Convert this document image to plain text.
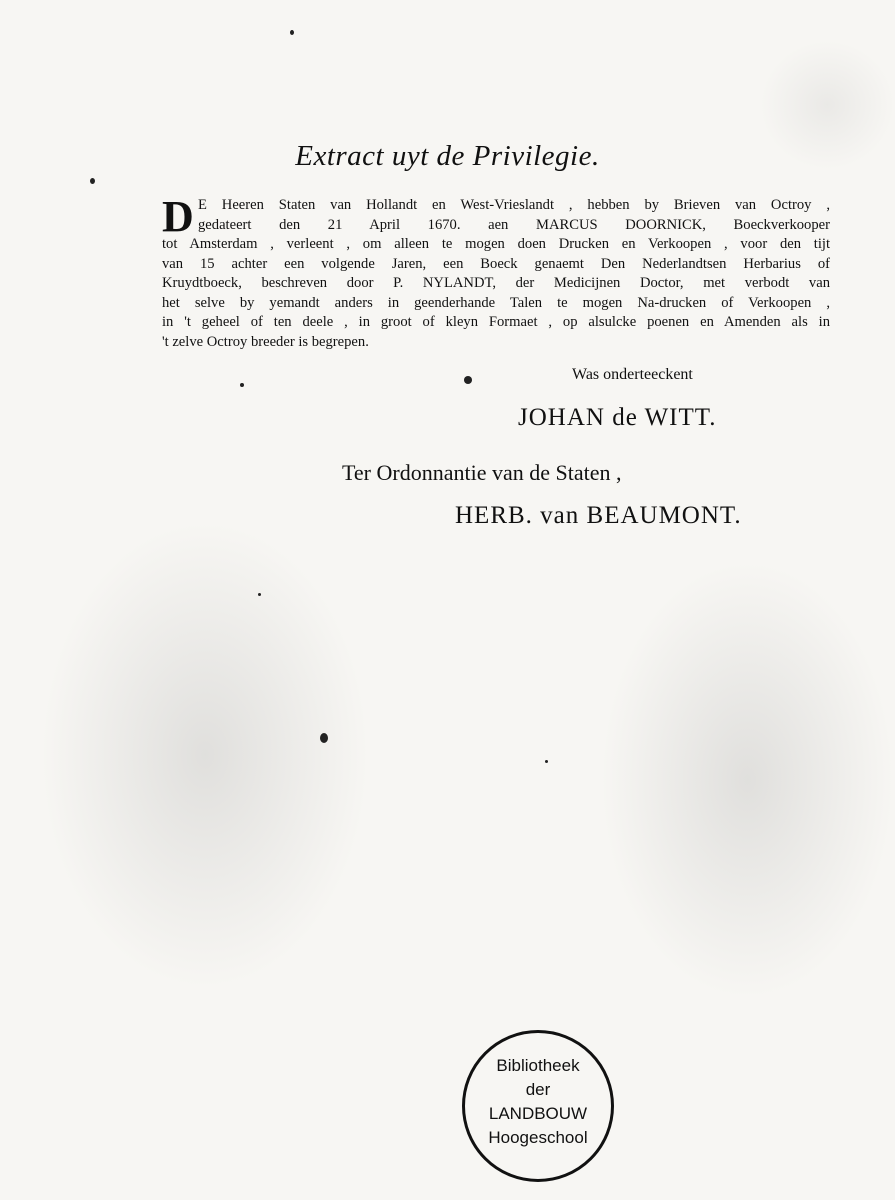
Extract uyt de Privilegie.
D E Heeren Staten van Hollandt en West-Vrieslandt , hebben by Brieven van Octroy ,
gedateert den 21 April 1670. aen MARCUS DOORNICK, Boeckverkooper
tot Amsterdam , verleent , om alleen te mogen doen Drucken en Verkoopen , voor den tijt
van 15 achter een volgende Jaren, een Boeck genaemt Den Nederlandtsen Herbarius of
Kruydtboeck, beschreven door P. NYLANDT, der Medicijnen Doctor, met verbodt van
het selve by yemandt anders in geenderhande Talen te mogen Na-drucken of Verkoopen ,
in 't geheel of ten deele , in groot of kleyn Formaet , op alsulcke poenen en Amenden als in
't zelve Octroy breeder is begrepen.
Was onderteeckent
JOHAN de WITT.
Ter Ordonnantie van de Staten ,
HERB. van BEAUMONT.
Bibliotheek
der
LANDBOUW
Hoogeschool
